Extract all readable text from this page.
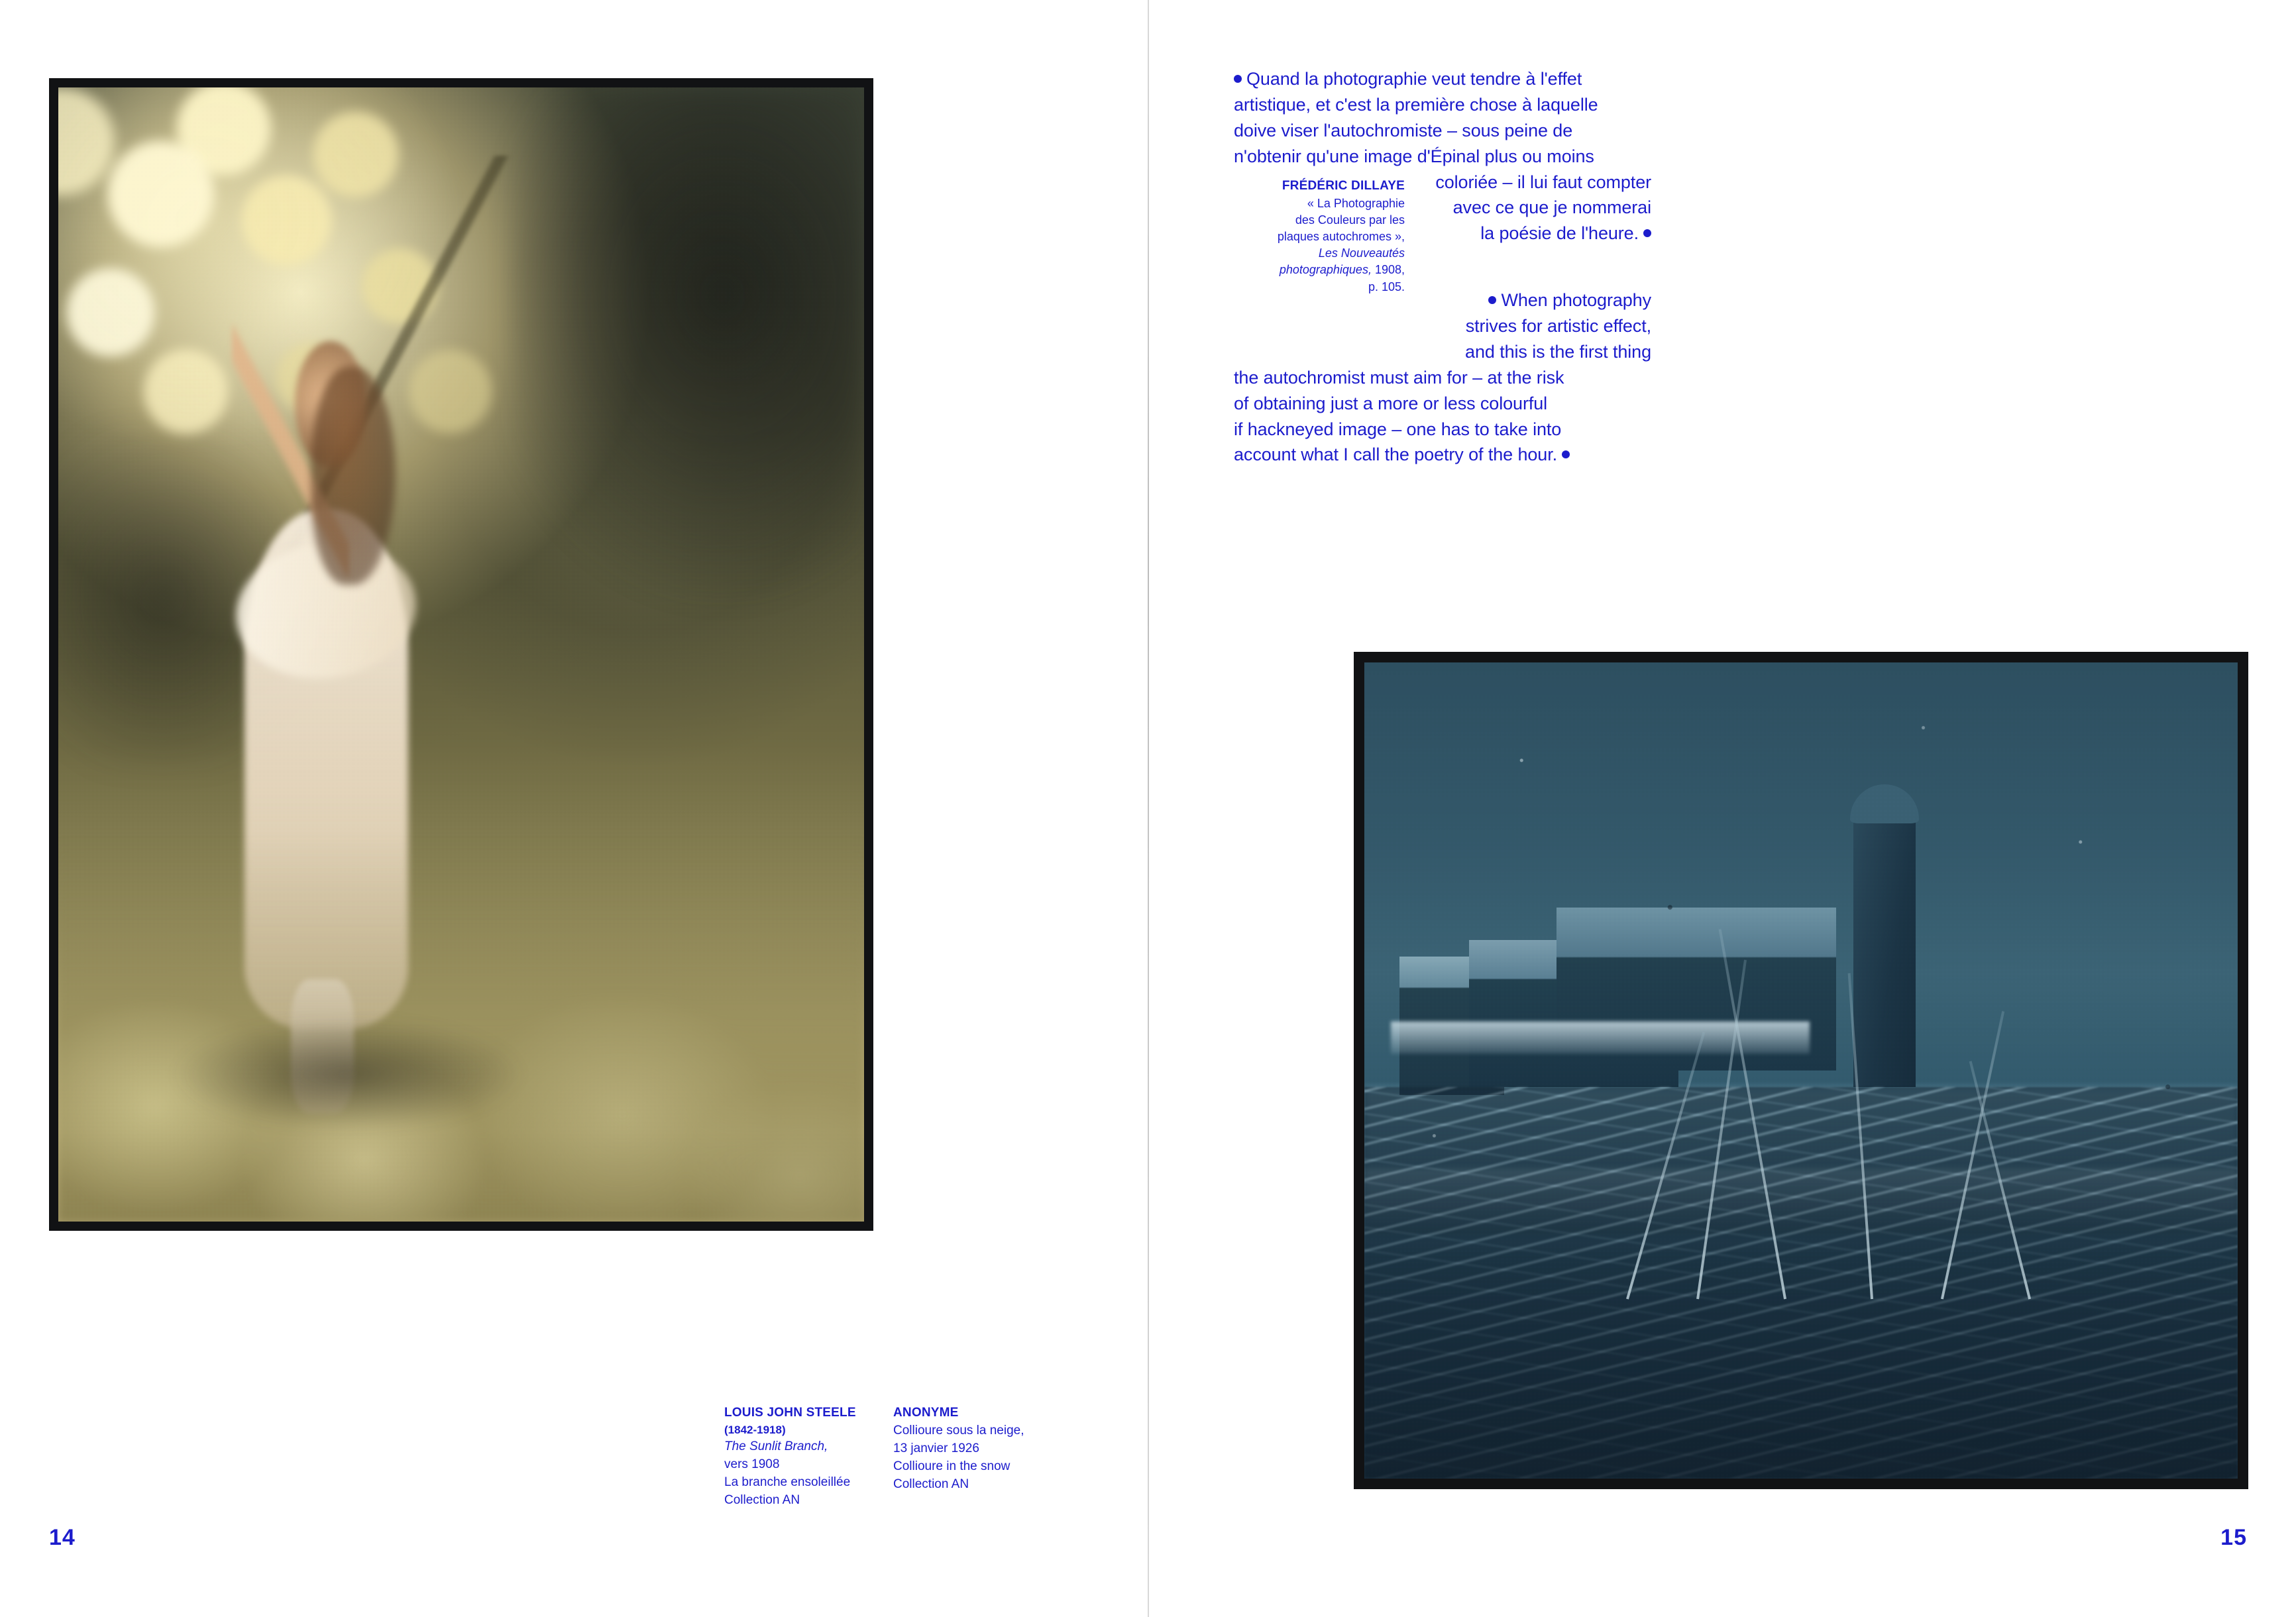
LOUIS JOHN STEELE
(1842-1918)
The Sunlit Branch,
vers 1908
La branche ensoleillée
Collection AN
ANONYME
Collioure sous la neige,
13 janvier 1926
Collioure in the snow
Collection AN
14
Quand la photographie veut tendre à l'effet
artistique, et c'est la première chose à laquelle
doive viser l'autochromiste – sous peine de
n'obtenir qu'une image d'Épinal plus ou moins
coloriée – il lui faut compter
avec ce que je nommerai
la poésie de l'heure.
When photography
strives for artistic effect,
and this is the first thing
the autochromist must aim for – at the risk
of obtaining just a more or less colourful
if hackneyed image – one has to take into
account what I call the poetry of the hour.
FRÉDÉRIC DILLAYE
« La Photographie
des Couleurs par les
plaques autochromes »,
Les Nouveautés
photographiques, 1908,
p. 105.
15
